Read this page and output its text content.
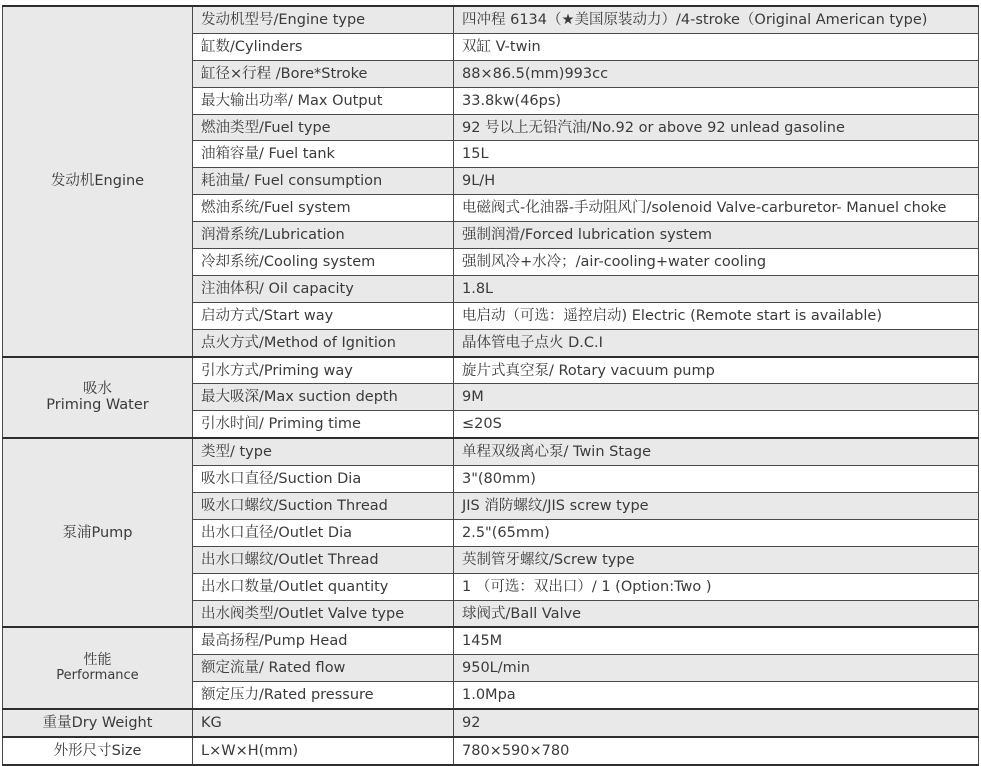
发动机Engine	发动机型号/Engine type	四冲程 6134（★美国原装动力）/4-stroke（Original American type)
	缸数/Cylinders	双缸 V-twin
	缸径×行程 /Bore*Stroke	88×86.5(mm)993cc
	最大输出功率/ Max Output	33.8kw(46ps)
	燃油类型/Fuel type	92 号以上无铅汽油/No.92 or above 92 unlead gasoline
	油箱容量/ Fuel tank	15L
	耗油量/ Fuel consumption	9L/H
	燃油系统/Fuel system	电磁阀式-化油器-手动阻风门/solenoid Valve-carburetor- Manuel choke
	润滑系统/Lubrication	强制润滑/Forced lubrication system
	冷却系统/Cooling system	强制风冷+水冷；/air-cooling+water cooling
	注油体积/ Oil capacity	1.8L
	启动方式/Start way	电启动（可选：遥控启动) Electric (Remote start is available)
	点火方式/Method of Ignition	晶体管电子点火 D.C.I

吸水
Priming Water	引水方式/Priming way	旋片式真空泵/ Rotary vacuum pump
	最大吸深/Max suction depth	9M
	引水时间/ Priming time	≤20S
泵浦Pump	类型/ type	单程双级离心泵/ Twin Stage
	吸水口直径/Suction Dia	3"(80mm)
	吸水口螺纹/Suction Thread	JIS 消防螺纹/JIS screw type
	出水口直径/Outlet Dia	2.5"(65mm)
	出水口螺纹/Outlet Thread	英制管牙螺纹/Screw type
	出水口数量/Outlet quantity	1 （可选：双出口）/ 1 (Option:Two )
	出水阀类型/Outlet Valve type	球阀式/Ball Valve

性能
Performance	最高扬程/Pump Head	145M
	额定流量/ Rated flow	950L/min
	额定压力/Rated pressure	1.0Mpa
重量Dry Weight	KG	92
外形尺寸Size	L×W×H(mm)	780×590×780
